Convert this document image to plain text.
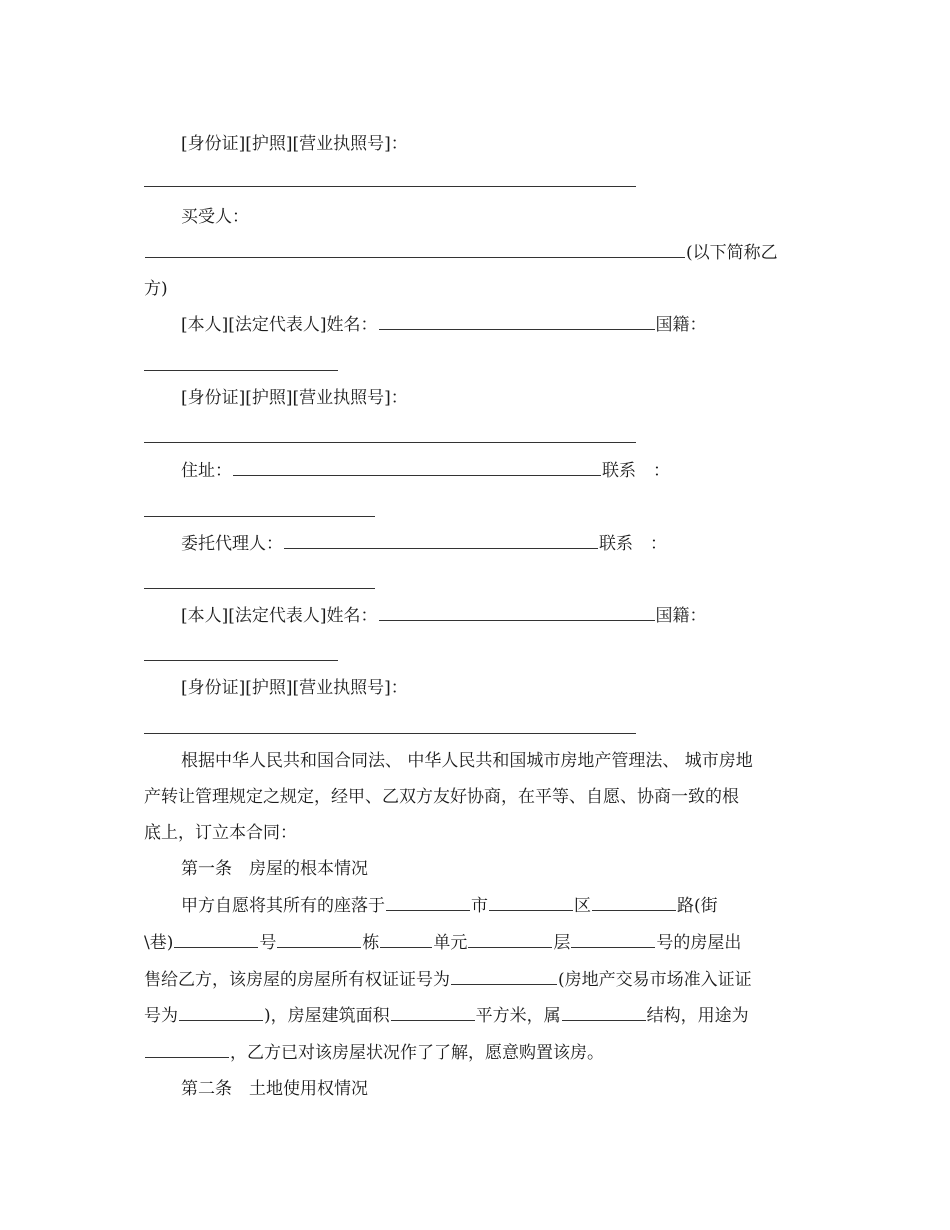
[身份证][护照][营业执照号]：
买受人：
(以下简称乙
方)
[本人][法定代表人]姓名：	国籍：
[身份证][护照][营业执照号]：
住址：	联系　：
委托代理人：	联系　：
[本人][法定代表人]姓名：	国籍：
[身份证][护照][营业执照号]：
根据中华人民共和国合同法、 中华人民共和国城市房地产管理法、 城市房地
产转让管理规定之规定，经甲、乙双方友好协商，在平等、自愿、协商一致的根
底上，订立本合同：
第一条　房屋的根本情况
甲方自愿将其所有的座落于	市	区	路(街
\巷)	号	栋	单元	层	号的房屋出
售给乙方，该房屋的房屋所有权证证号为	(房地产交易市场准入证证
号为	)，房屋建筑面积	平方米，属	结构，用途为
，乙方已对该房屋状况作了了解，愿意购置该房。
第二条　土地使用权情况
